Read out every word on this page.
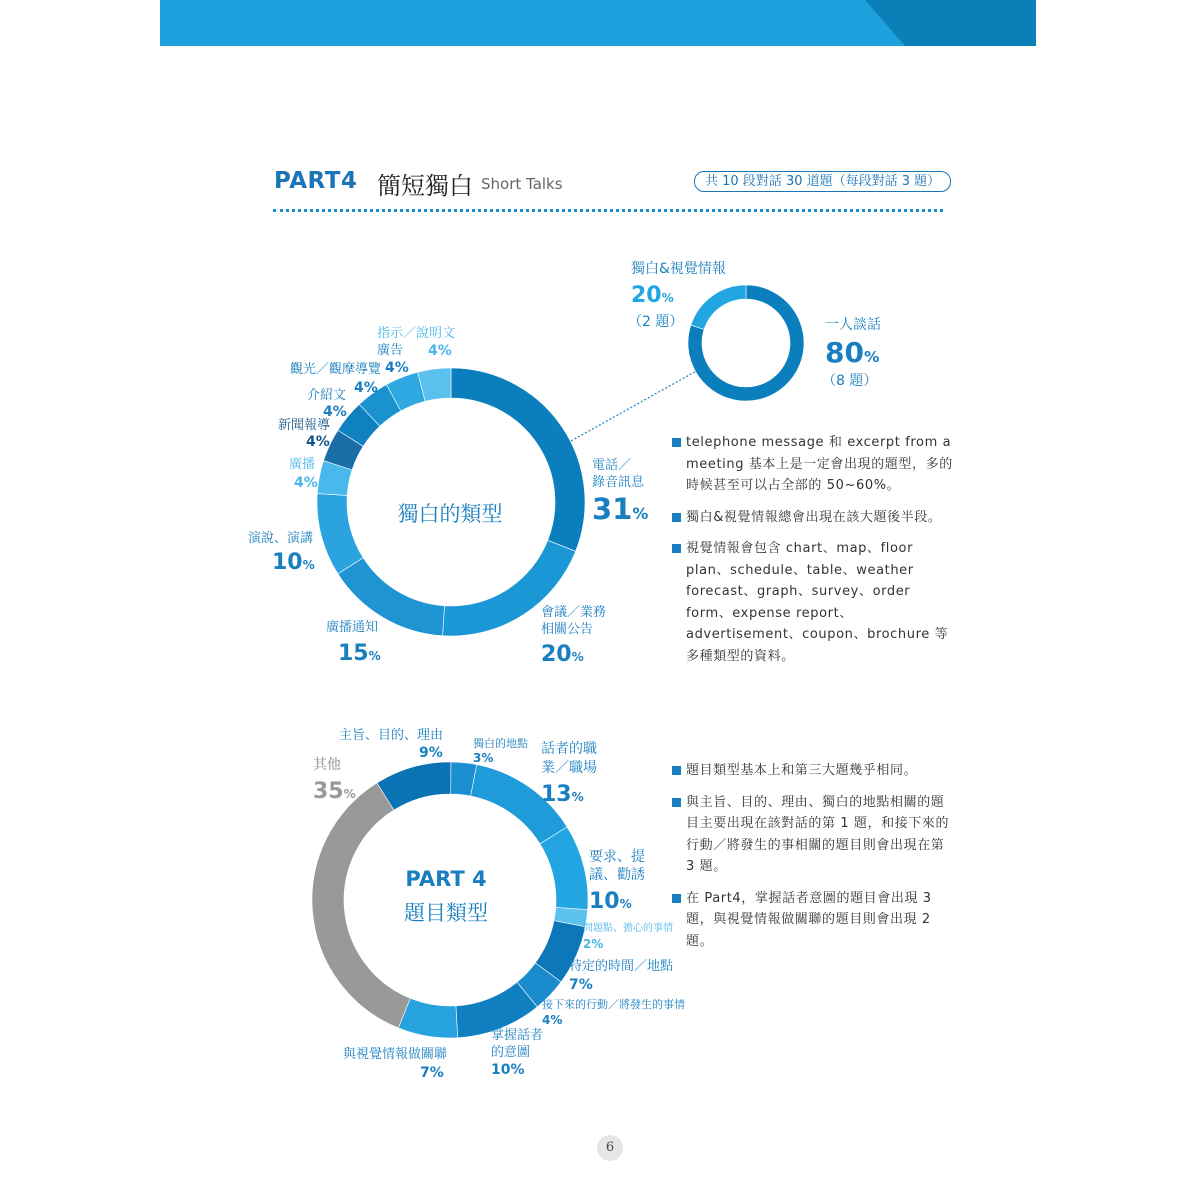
PART4 簡短獨白 Short Talks	共 10 段對話 30 道題（每段對話 3 題）
獨白的類型
電話／
錄音訊息
31%
會議／業務
相關公告
20%
廣播通知
15%
演說、演講
10%
廣播
4%
新聞報導
4%
介紹文
4%
觀光／觀摩導覽
4%
廣告
4%
指示／說明文
4%
獨白&視覺情報
20%
（2 題）	一人談話
80%
（8 題）
telephone message 和 excerpt from a meeting 基本上是一定會出現的題型，多的時候甚至可以占全部的 50~60%。
獨白&視覺情報總會出現在該大題後半段。
視覺情報會包含 chart、map、floor plan、schedule、table、weather forecast、graph、survey、order form、expense report、advertisement、coupon、brochure 等多種類型的資料。
PART 4
題目類型
主旨、目的、理由
9%
獨白的地點
3%
話者的職
業／職場
13%
要求、提
議、勸誘
10%
問題點、擔心的事情
2%
特定的時間／地點
7%
接下來的行動／將發生的事情
4%
掌握話者
的意圖
10%
與視覺情報做關聯
7%
其他
35%
題目類型基本上和第三大題幾乎相同。
與主旨、目的、理由、獨白的地點相關的題目主要出現在該對話的第 1 題，和接下來的行動／將發生的事相關的題目則會出現在第 3 題。
在 Part4，掌握話者意圖的題目會出現 3 題，與視覺情報做關聯的題目則會出現 2 題。
6
